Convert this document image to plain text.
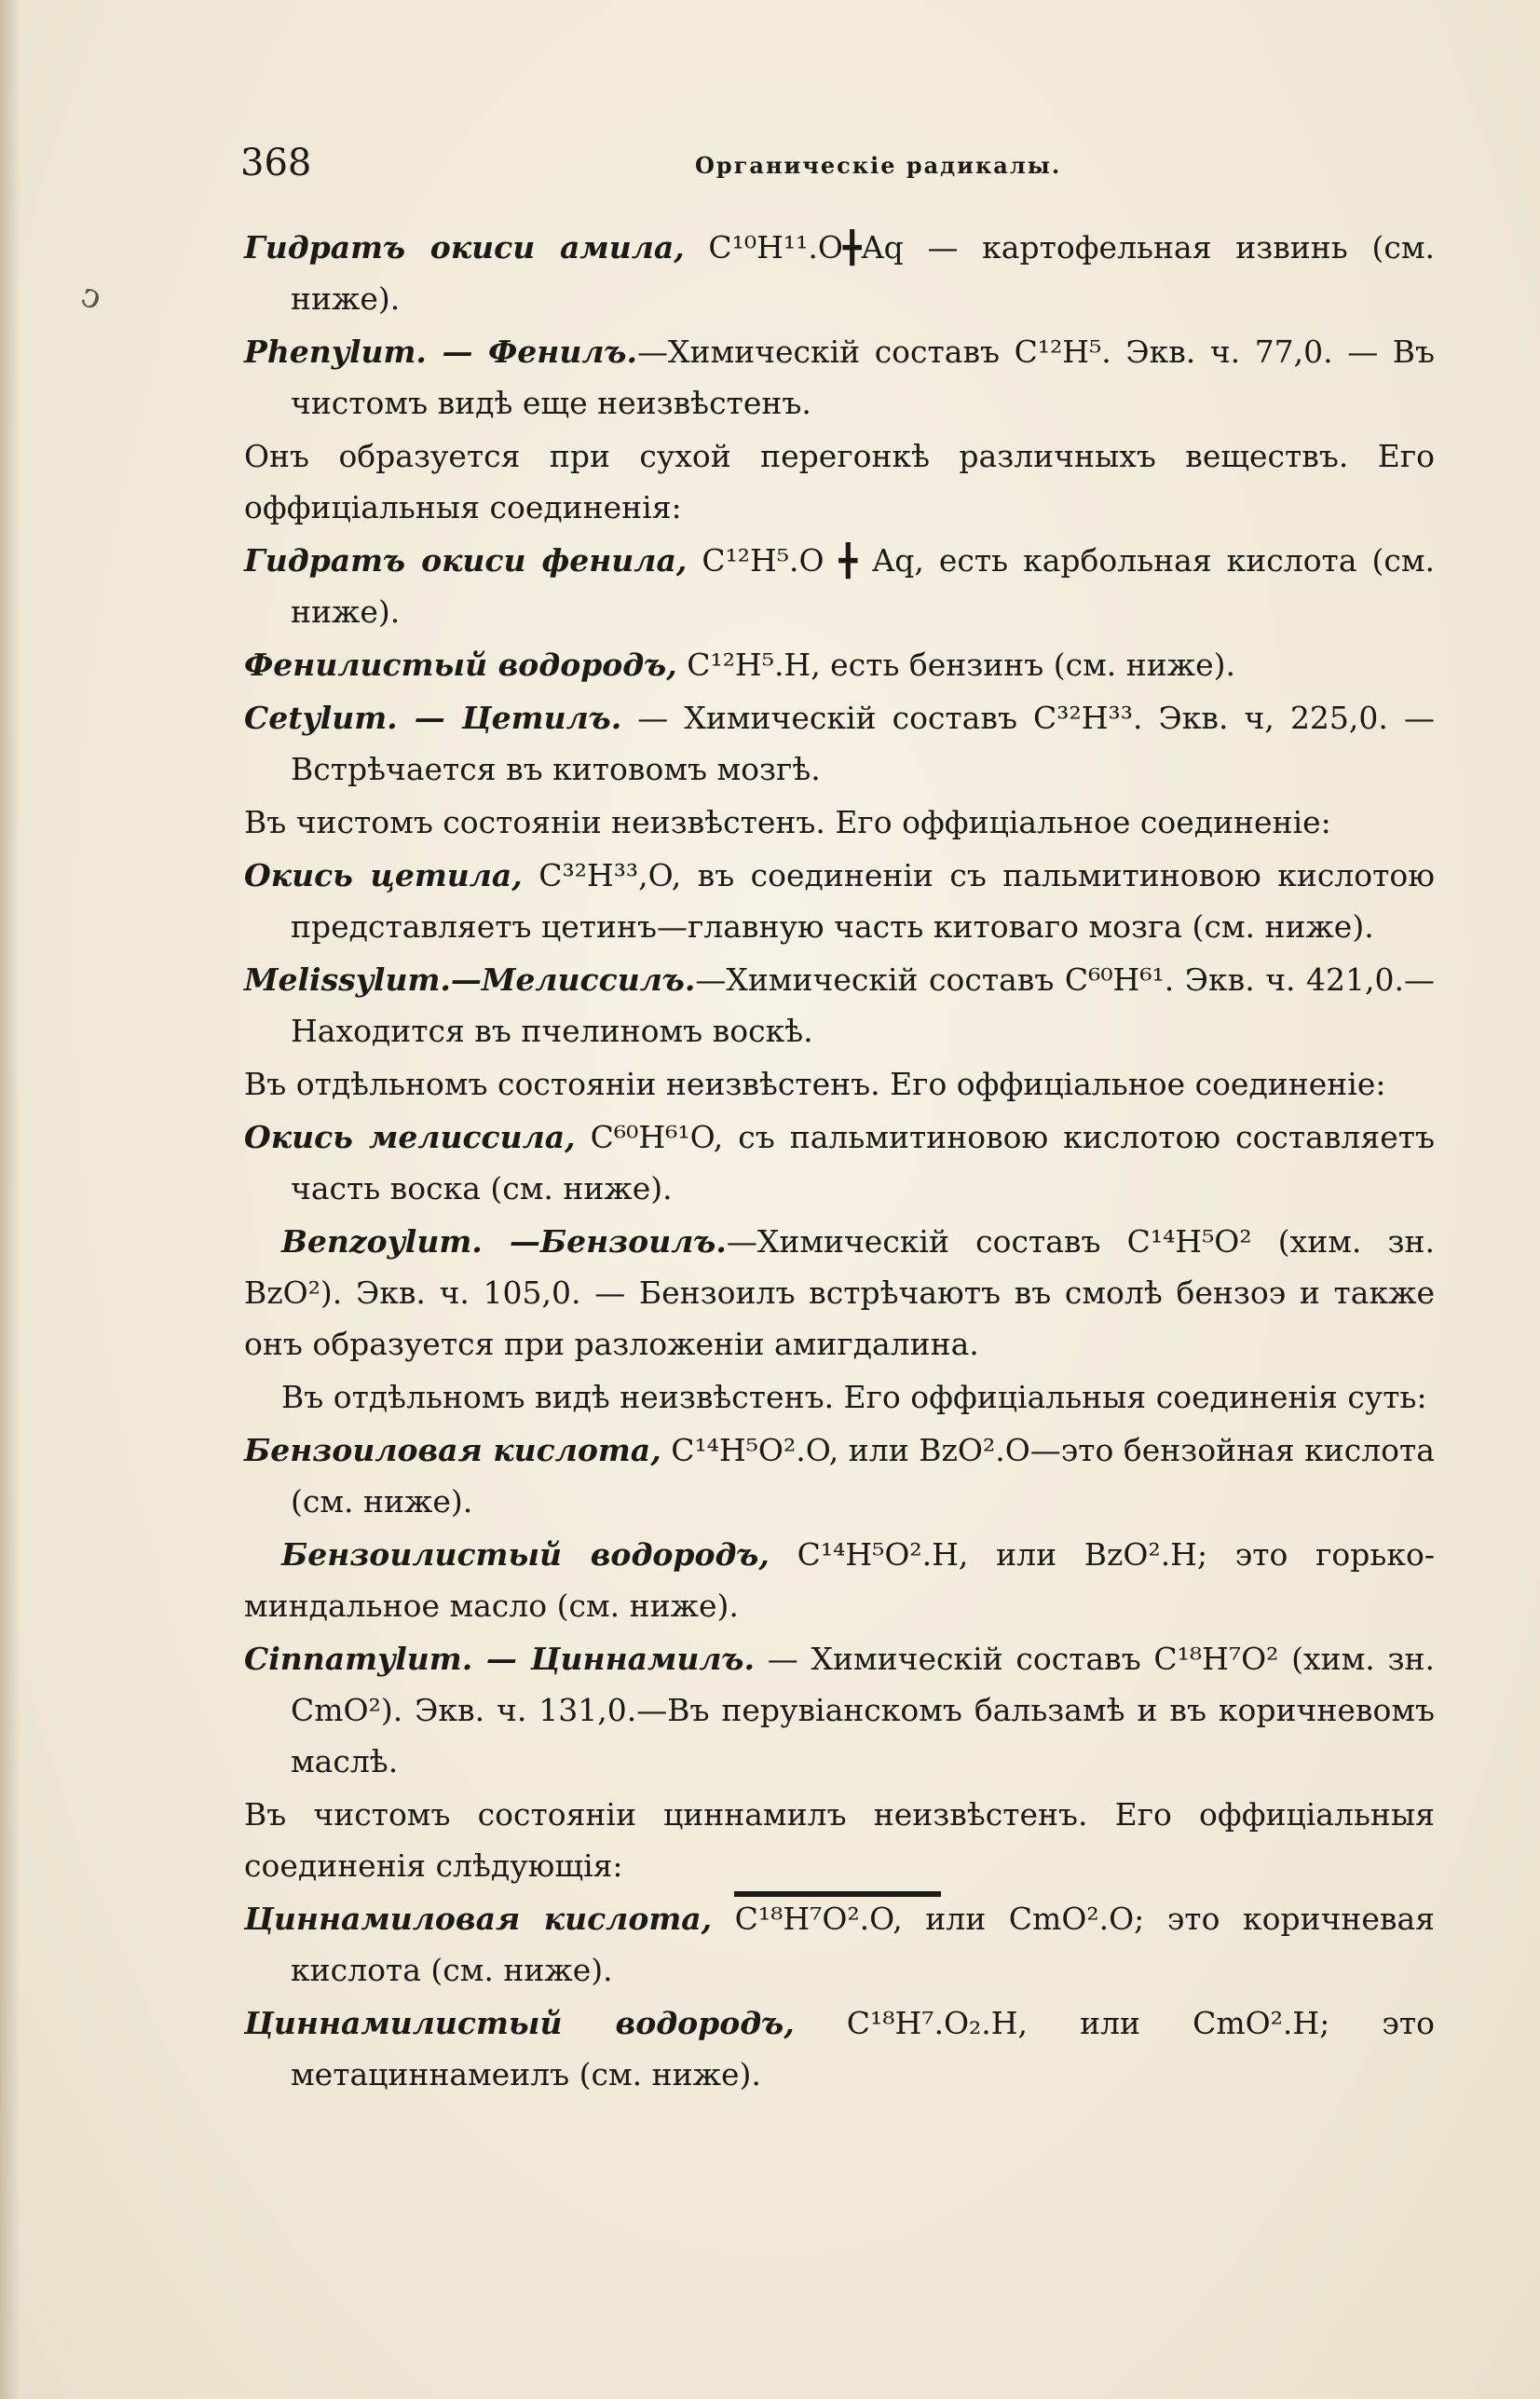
368	Органическіе радикалы.
ↄ

Гидратъ окиси амила, C¹⁰H¹¹.O╋Aq — картофельная извинь (см. ниже).

Phenylum. — Фенилъ.—Химическій составъ C¹²H⁵. Экв. ч. 77,0. — Въ чистомъ видѣ еще неизвѣстенъ.

Онъ образуется при сухой перегонкѣ различныхъ веществъ. Его оффиціальныя соединенія:

Гидратъ окиси фенила, C¹²H⁵.O ╋ Aq, есть карбольная кислота (см. ниже).

Фенилистый водородъ, C¹²H⁵.H, есть бензинъ (см. ниже).

Cetylum. — Цетилъ. — Химическій составъ C³²H³³. Экв. ч, 225,0. — Встрѣчается въ китовомъ мозгѣ.

Въ чистомъ состояніи неизвѣстенъ. Его оффиціальное соединеніе:

Окись цетила, C³²H³³,O, въ соединеніи съ пальмитиновою кислотою представляетъ цетинъ—главную часть китоваго мозга (см. ниже).

Melissylum.—Мелиссилъ.—Химическій составъ C⁶⁰H⁶¹. Экв. ч. 421,0.— Находится въ пчелиномъ воскѣ.

Въ отдѣльномъ состояніи неизвѣстенъ. Его оффиціальное соединеніе:

Окись мелиссила, C⁶⁰H⁶¹O, съ пальмитиновою кислотою составляетъ часть воска (см. ниже).

Benzoylum. —Бензоилъ.—Химическій составъ C¹⁴H⁵O² (хим. зн. BzO²). Экв. ч. 105,0. — Бензоилъ встрѣчаютъ въ смолѣ бензоэ и также онъ образуется при разложеніи амигдалина.

Въ отдѣльномъ видѣ неизвѣстенъ. Его оффиціальныя соединенія суть:

Бензоиловая кислота, C¹⁴H⁵O².O, или BzO².O—это бензойная кислота (см. ниже).

Бензоилистый водородъ, C¹⁴H⁵O².H, или BzO².H; это горько-миндальное масло (см. ниже).

Cinnamylum. — Циннамилъ. — Химическій составъ C¹⁸H⁷O² (хим. зн. CmO²). Экв. ч. 131,0.—Въ перувіанскомъ бальзамѣ и въ коричневомъ маслѣ.

Въ чистомъ состояніи циннамилъ неизвѣстенъ. Его оффиціальныя соединенія слѣдующія:

Циннамиловая кислота, C¹⁸H⁷O².O, или CmO².O; это коричневая кислота (см. ниже).

Циннамилистый водородъ, C¹⁸H⁷.O₂.H, или CmO².H; это метациннамеилъ (см. ниже).
